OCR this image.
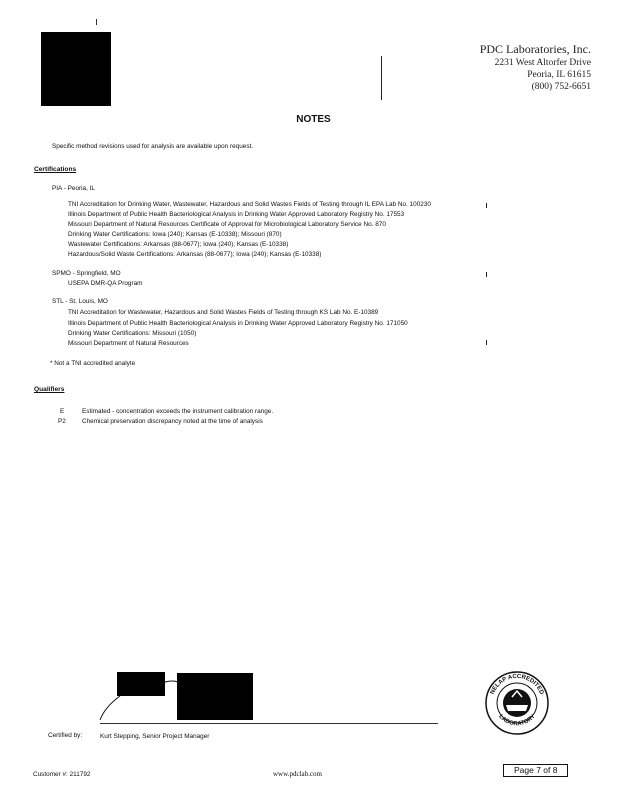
PDC Laboratories, Inc.
2231 West Altorfer Drive
Peoria, IL 61615
(800) 752-6651
NOTES
Specific method revisions used for analysis are available upon request.
Certifications
PIA - Peoria, IL
TNI Accreditation for Drinking Water, Wastewater, Hazardous and Solid Wastes Fields of Testing through IL EPA Lab No. 100230
Illinois Department of Public Health Bacteriological Analysis in Drinking Water Approved Laboratory Registry No. 17553
Missouri Department of Natural Resources Certificate of Approval for Microbiological Laboratory Service No. 870
Drinking Water Certifications: Iowa (240); Kansas (E-10338); Missouri (870)
Wastewater Certifications: Arkansas (88-0677); Iowa (240); Kansas (E-10338)
Hazardous/Solid Waste Certifications: Arkansas (88-0677); Iowa (240); Kansas (E-10338)
SPMO - Springfield, MO
USEPA DMR-QA Program
STL - St. Louis, MO
TNI Accreditation for Wastewater, Hazardous and Solid Wastes Fields of Testing through KS Lab No. E-10389
Illinois Department of Public Health Bacteriological Analysis in Drinking Water Approved Laboratory Registry No. 171050
Drinking Water Certifications: Missouri (1050)
Missouri Department of Natural Resources
* Not a TNI accredited analyte
Qualifiers
E	Estimated - concentration exceeds the instrument calibration range.
P2	Chemical preservation discrepancy noted at the time of analysis
Certified by:	Kurt Stepping, Senior Project Manager
NELAP ACCREDITED
LABORATORY
Customer #: 211792	www.pdclab.com	Page 7 of 8
